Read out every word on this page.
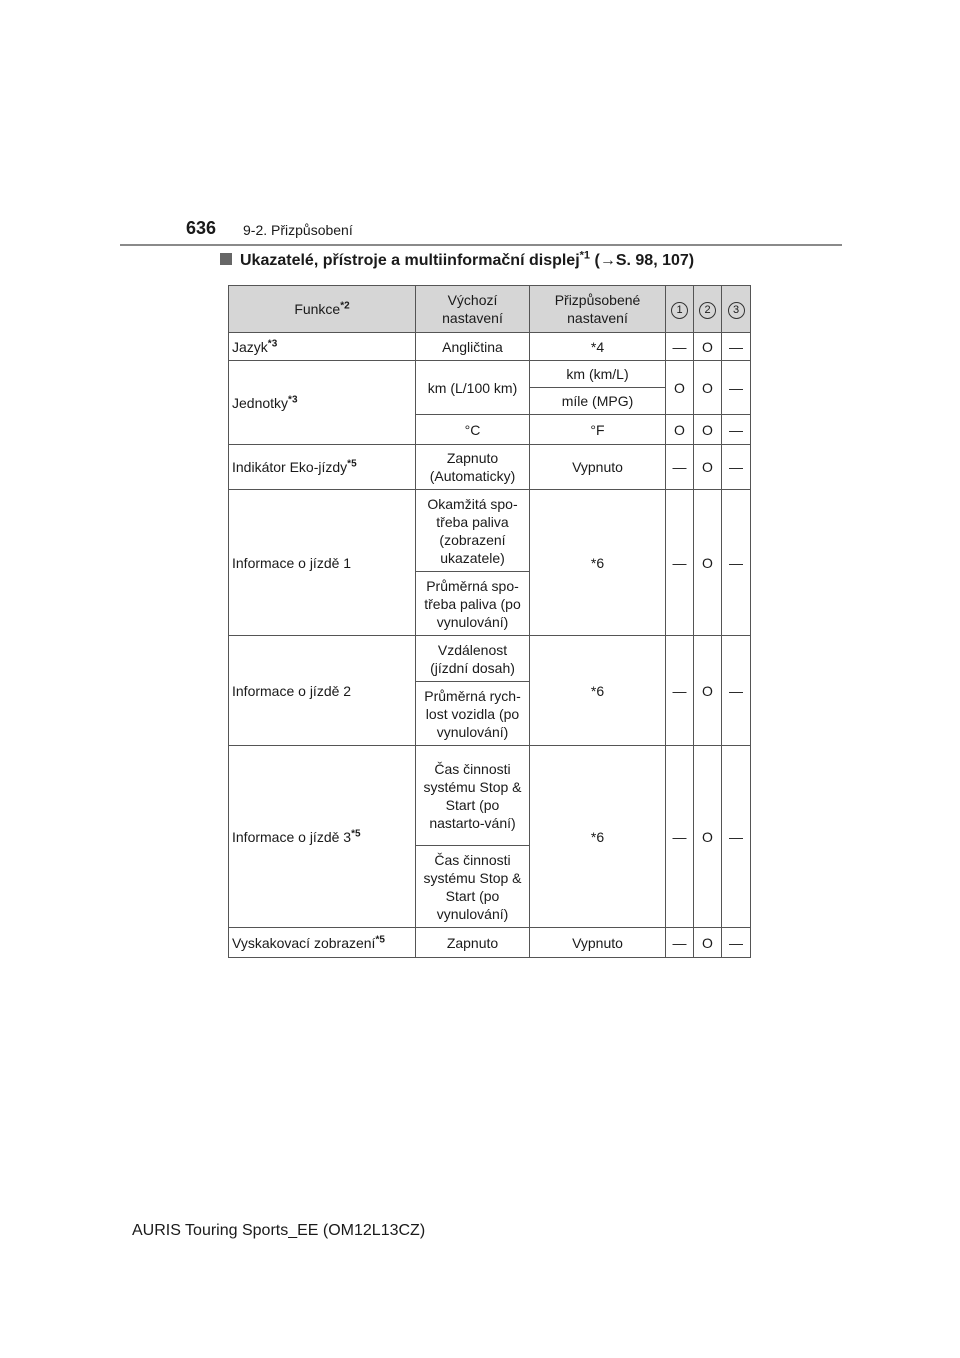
636 9-2. Přizpůsobení
Ukazatelé, přístroje a multiinformační displej$^{*1}$ (→S. 98, 107)
Funkce$^{*2}$	Výchozí nastavení	Přizpůsobené nastavení	1	2	3
Jazyk$^{*3}$	Angličtina	*4	—	O	—
Jednotky$^{*3}$	km (L/100 km)	km (km/L)	O	O	—
		míle (MPG)			
	°C	°F	O	O	—
Indikátor Eko-jízdy$^{*5}$	Zapnuto (Automaticky)	Vypnuto	—	O	—
Informace o jízdě 1	Okamžitá spo-třeba paliva (zobrazení ukazatele)	*6	—	O	—
	Průměrná spo-třeba paliva (po vynulování)				
Informace o jízdě 2	Vzdálenost (jízdní dosah)	*6	—	O	—
	Průměrná rych-lost vozidla (po vynulování)				
Informace o jízdě 3$^{*5}$	Čas činnosti systému Stop & Start (po nastarto-vání)	*6	—	O	—
	Čas činnosti systému Stop & Start (po vynulování)				
Vyskakovací zobrazení$^{*5}$	Zapnuto	Vypnuto	—	O	—
AURIS Touring Sports_EE (OM12L13CZ)
